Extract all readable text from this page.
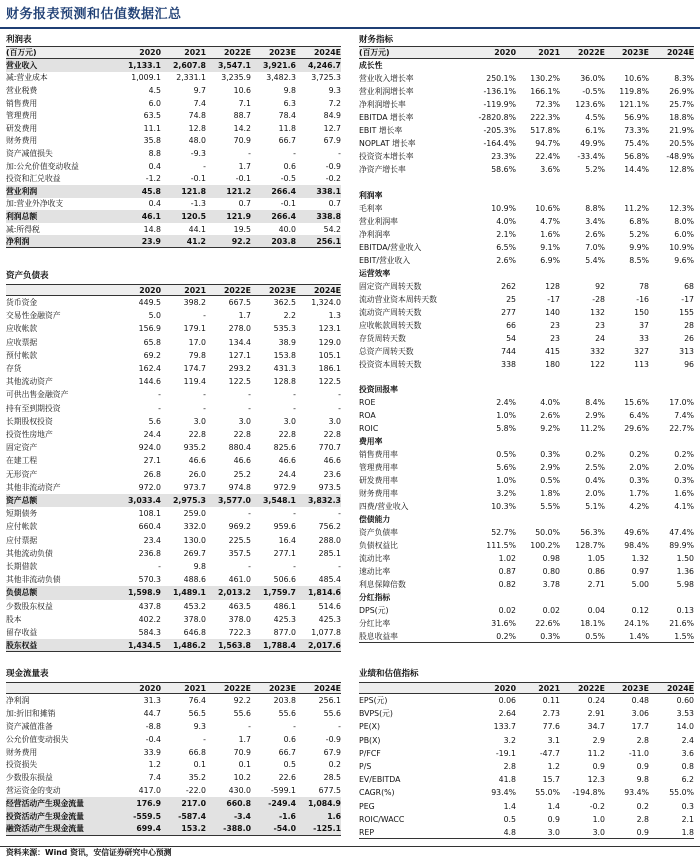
财务报表预测和估值数据汇总
利润表
(百万元)	2020	2021	2022E	2023E	2024E
营业收入	1,133.1	2,607.8	3,547.1	3,921.6	4,246.7
减:营业成本	1,009.1	2,331.1	3,235.9	3,482.3	3,725.3
营业税费	4.5	9.7	10.6	9.8	9.3
销售费用	6.0	7.4	7.1	6.3	7.2
管理费用	63.5	74.8	88.7	78.4	84.9
研发费用	11.1	12.8	14.2	11.8	12.7
财务费用	35.8	48.0	70.9	66.7	67.9
资产减值损失	8.8	-9.3	-	-	-
加:公允价值变动收益	0.4	-	1.7	0.6	-0.9
投资和汇兑收益	-1.2	-0.1	-0.1	-0.5	-0.2
营业利润	45.8	121.8	121.2	266.4	338.1
加:营业外净收支	0.4	-1.3	0.7	-0.1	0.7
利润总额	46.1	120.5	121.9	266.4	338.8
减:所得税	14.8	44.1	19.5	40.0	54.2
净利润	23.9	41.2	92.2	203.8	256.1
资产负债表
2020	2021	2022E	2023E	2024E
货币资金	449.5	398.2	667.5	362.5	1,324.0
交易性金融资产	5.0	-	1.7	2.2	1.3
应收帐款	156.9	179.1	278.0	535.3	123.1
应收票据	65.8	17.0	134.4	38.9	129.0
预付帐款	69.2	79.8	127.1	153.8	105.1
存货	162.4	174.7	293.2	431.3	186.1
其他流动资产	144.6	119.4	122.5	128.8	122.5
可供出售金融资产	-	-	-	-	-
持有至到期投资	-	-	-	-	-
长期股权投资	5.6	3.0	3.0	3.0	3.0
投资性房地产	24.4	22.8	22.8	22.8	22.8
固定资产	924.0	935.2	880.4	825.6	770.7
在建工程	27.1	46.6	46.6	46.6	46.6
无形资产	26.8	26.0	25.2	24.4	23.6
其他非流动资产	972.0	973.7	974.8	972.9	973.5
资产总额	3,033.4	2,975.3	3,577.0	3,548.1	3,832.3
短期债务	108.1	259.0	-	-	-
应付帐款	660.4	332.0	969.2	959.6	756.2
应付票据	23.4	130.0	225.5	16.4	288.0
其他流动负债	236.8	269.7	357.5	277.1	285.1
长期借款	-	9.8	-	-	-
其他非流动负债	570.3	488.6	461.0	506.6	485.4
负债总额	1,598.9	1,489.1	2,013.2	1,759.7	1,814.6
少数股东权益	437.8	453.2	463.5	486.1	514.6
股本	402.2	378.0	378.0	425.3	425.3
留存收益	584.3	646.8	722.3	877.0	1,077.8
股东权益	1,434.5	1,486.2	1,563.8	1,788.4	2,017.6
现金流量表
2020	2021	2022E	2023E	2024E
净利润	31.3	76.4	92.2	203.8	256.1
加:折旧和摊销	44.7	56.5	55.6	55.6	55.6
资产减值准备	-8.8	9.3	-	-	-
公允价值变动损失	-0.4	-	1.7	0.6	-0.9
财务费用	33.9	66.8	70.9	66.7	67.9
投资损失	1.2	0.1	0.1	0.5	0.2
少数股东损益	7.4	35.2	10.2	22.6	28.5
营运资金的变动	417.0	-22.0	430.0	-599.1	677.5
经营活动产生现金流量	176.9	217.0	660.8	-249.4	1,084.9
投资活动产生现金流量	-559.5	-587.4	-3.4	-1.6	1.6
融资活动产生现金流量	699.4	153.2	-388.0	-54.0	-125.1
财务指标
(百万元)	2020	2021	2022E	2023E	2024E
成长性
营业收入增长率	250.1%	130.2%	36.0%	10.6%	8.3%
营业利润增长率	-136.1%	166.1%	-0.5%	119.8%	26.9%
净利润增长率	-119.9%	72.3%	123.6%	121.1%	25.7%
EBITDA 增长率	-2820.8%	222.3%	4.5%	56.9%	18.8%
EBIT 增长率	-205.3%	517.8%	6.1%	73.3%	21.9%
NOPLAT 增长率	-164.4%	94.7%	49.9%	75.4%	20.5%
投资资本增长率	23.3%	22.4%	-33.4%	56.8%	-48.9%
净资产增长率	58.6%	3.6%	5.2%	14.4%	12.8%
利润率
毛利率	10.9%	10.6%	8.8%	11.2%	12.3%
营业利润率	4.0%	4.7%	3.4%	6.8%	8.0%
净利润率	2.1%	1.6%	2.6%	5.2%	6.0%
EBITDA/营业收入	6.5%	9.1%	7.0%	9.9%	10.9%
EBIT/营业收入	2.6%	6.9%	5.4%	8.5%	9.6%
运营效率
固定资产周转天数	262	128	92	78	68
流动营业资本周转天数	25	-17	-28	-16	-17
流动资产周转天数	277	140	132	150	155
应收帐款周转天数	66	23	23	37	28
存货周转天数	54	23	24	33	26
总资产周转天数	744	415	332	327	313
投资资本周转天数	338	180	122	113	96
投资回报率
ROE	2.4%	4.0%	8.4%	15.6%	17.0%
ROA	1.0%	2.6%	2.9%	6.4%	7.4%
ROIC	5.8%	9.2%	11.2%	29.6%	22.7%
费用率
销售费用率	0.5%	0.3%	0.2%	0.2%	0.2%
管理费用率	5.6%	2.9%	2.5%	2.0%	2.0%
研发费用率	1.0%	0.5%	0.4%	0.3%	0.3%
财务费用率	3.2%	1.8%	2.0%	1.7%	1.6%
四费/营业收入	10.3%	5.5%	5.1%	4.2%	4.1%
偿债能力
资产负债率	52.7%	50.0%	56.3%	49.6%	47.4%
负债权益比	111.5%	100.2%	128.7%	98.4%	89.9%
流动比率	1.02	0.98	1.05	1.32	1.50
速动比率	0.87	0.80	0.86	0.97	1.36
利息保障倍数	0.82	3.78	2.71	5.00	5.98
分红指标
DPS(元)	0.02	0.02	0.04	0.12	0.13
分红比率	31.6%	22.6%	18.1%	24.1%	21.6%
股息收益率	0.2%	0.3%	0.5%	1.4%	1.5%
业绩和估值指标
2020	2021	2022E	2023E	2024E
EPS(元)	0.06	0.11	0.24	0.48	0.60
BVPS(元)	2.64	2.73	2.91	3.06	3.53
PE(X)	133.7	77.6	34.7	17.7	14.0
PB(X)	3.2	3.1	2.9	2.8	2.4
P/FCF	-19.1	-47.7	11.2	-11.0	3.6
P/S	2.8	1.2	0.9	0.9	0.8
EV/EBITDA	41.8	15.7	12.3	9.8	6.2
CAGR(%)	93.4%	55.0%	-194.8%	93.4%	55.0%
PEG	1.4	1.4	-0.2	0.2	0.3
ROIC/WACC	0.5	0.9	1.0	2.8	2.1
REP	4.8	3.0	3.0	0.9	1.8
资料来源：Wind 资讯，安信证券研究中心预测
